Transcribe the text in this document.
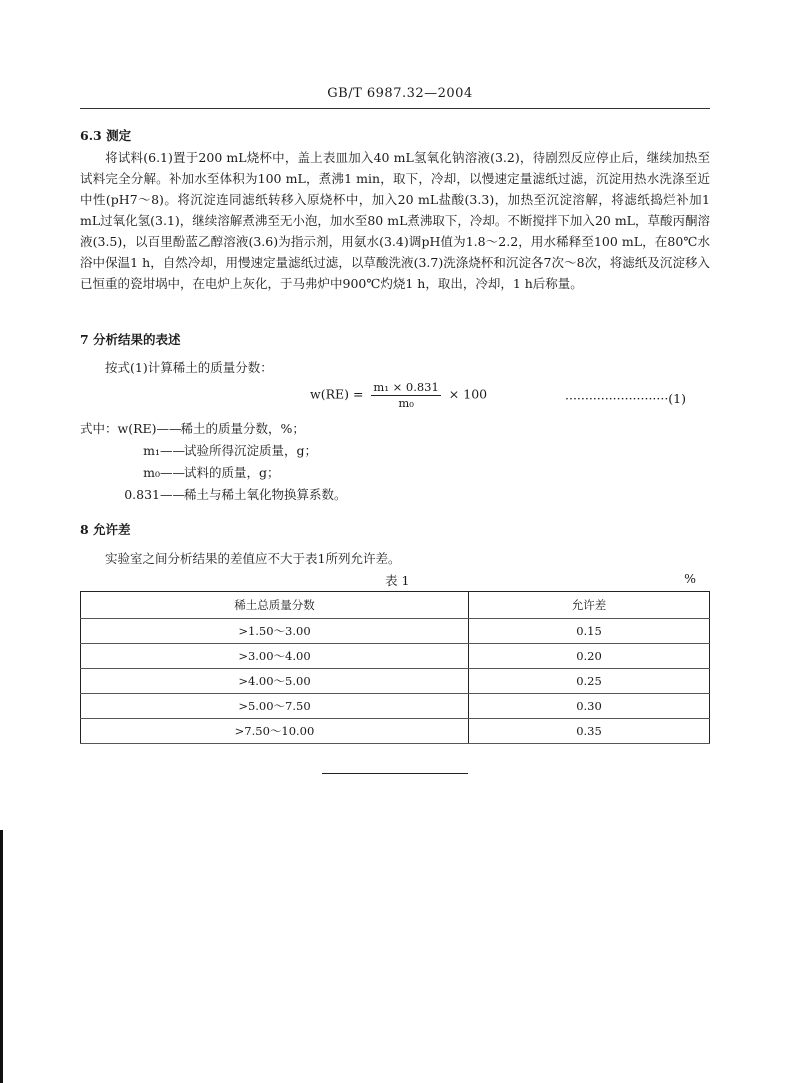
GB/T 6987.32—2004
6.3 测定
将试料(6.1)置于200 mL烧杯中，盖上表皿加入40 mL氢氧化钠溶液(3.2)，待剧烈反应停止后，继续加热至试料完全分解。补加水至体积为100 mL，煮沸1 min，取下，冷却，以慢速定量滤纸过滤，沉淀用热水洗涤至近中性(pH7～8)。将沉淀连同滤纸转移入原烧杯中，加入20 mL盐酸(3.3)，加热至沉淀溶解，将滤纸捣烂补加1 mL过氧化氢(3.1)，继续溶解煮沸至无小泡，加水至80 mL煮沸取下，冷却。不断搅拌下加入20 mL，草酸丙酮溶液(3.5)，以百里酚蓝乙醇溶液(3.6)为指示剂，用氨水(3.4)调pH值为1.8～2.2，用水稀释至100 mL，在80℃水浴中保温1 h，自然冷却，用慢速定量滤纸过滤，以草酸洗液(3.7)洗涤烧杯和沉淀各7次～8次，将滤纸及沉淀移入已恒重的瓷坩埚中，在电炉上灰化，于马弗炉中900℃灼烧1 h，取出，冷却，1 h后称量。
7 分析结果的表述
按式(1)计算稀土的质量分数：
$w(RE) = \frac{\text{m₁ × 0.831}}{\text{m₀}} \times 100$	··························(1)
式中：w(RE)——稀土的质量分数，%；
m₁——试验所得沉淀质量，g；
m₀——试料的质量，g；
0.831——稀土与稀土氧化物换算系数。
8 允许差
实验室之间分析结果的差值应不大于表1所列允许差。
表 1	%
稀土总质量分数	允许差
>1.50～3.00	0.15
>3.00～4.00	0.20
>4.00～5.00	0.25
>5.00～7.50	0.30
>7.50～10.00	0.35
